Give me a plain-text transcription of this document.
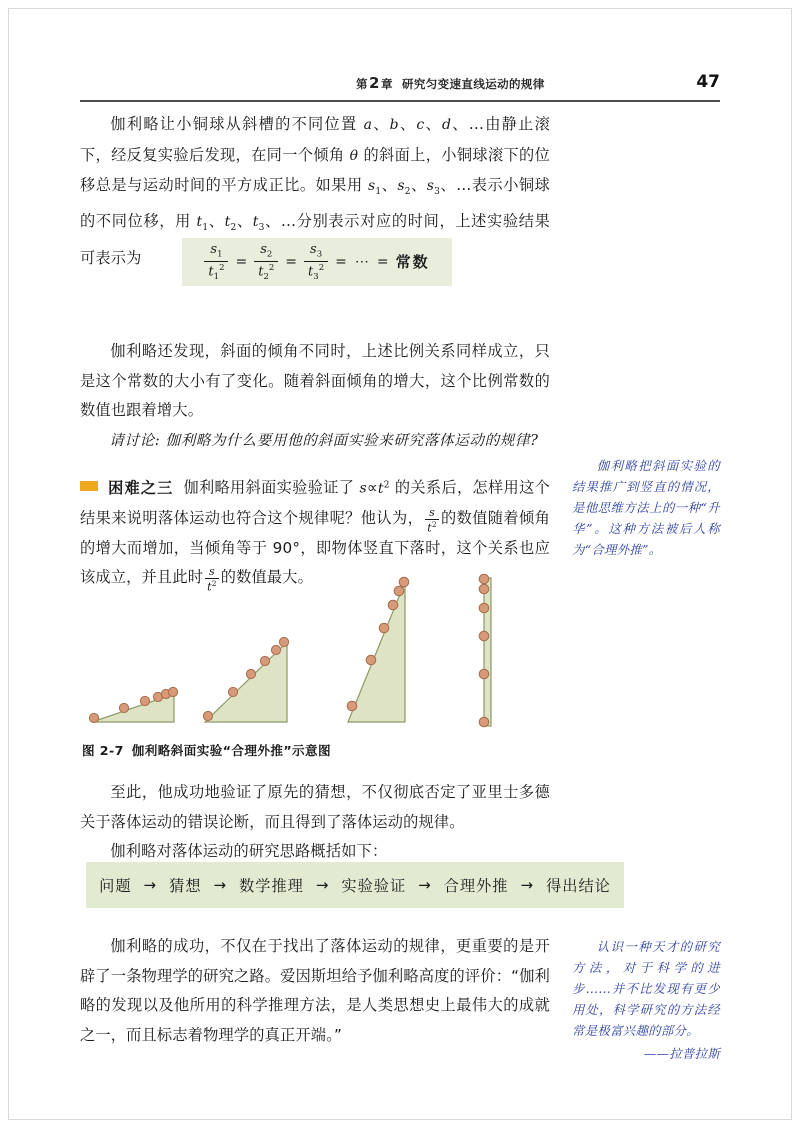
第2章 研究匀变速直线运动的规律	47

伽利略让小铜球从斜槽的不同位置 a、b、c、d、…由静止滚下，经反复实验后发现，在同一个倾角 θ 的斜面上，小铜球滚下的位移总是与运动时间的平方成正比。如果用 $s_1$、$s_2$、$s_3$、…表示小铜球的不同位移，用 $t_1$、$t_2$、$t_3$、…分别表示对应的时间，上述实验结果可表示为

伽利略还发现，斜面的倾角不同时，上述比例关系同样成立，只是这个常数的大小有了变化。随着斜面倾角的增大，这个比例常数的数值也跟着增大。

请讨论: 伽利略为什么要用他的斜面实验来研究落体运动的规律?

困难之三 伽利略用斜面实验验证了 $s\propto t^2$ 的关系后，怎样用这个结果来说明落体运动也符合这个规律呢？他认为， $\frac{s}{t^2}$ 的数值随着倾角的增大而增加，当倾角等于 90°，即物体竖直下落时，这个关系也应该成立，并且此时 $\frac{s}{t^2}$ 的数值最大。

$\frac{s_1}{t_1^2} = \frac{s_2}{t_2^2} = \frac{s_3}{t_3^2}$ = ⋯ = 常数
伽利略把斜面实验的结果推广到竖直的情况，是他思维方法上的一种“升华”。这种方法被后人称为“合理外推”。
图 2-7 伽利略斜面实验“合理外推”示意图

至此，他成功地验证了原先的猜想，不仅彻底否定了亚里士多德关于落体运动的错误论断，而且得到了落体运动的规律。

伽利略对落体运动的研究思路概括如下：

问题 → 猜想 → 数学推理 → 实验验证 → 合理外推 → 得出结论

伽利略的成功，不仅在于找出了落体运动的规律，更重要的是开辟了一条物理学的研究之路。爱因斯坦给予伽利略高度的评价：“伽利略的发现以及他所用的科学推理方法，是人类思想史上最伟大的成就之一，而且标志着物理学的真正开端。”

认识一种天才的研究方法，对于科学的进步……并不比发现有更少用处，科学研究的方法经常是极富兴趣的部分。
——拉普拉斯
